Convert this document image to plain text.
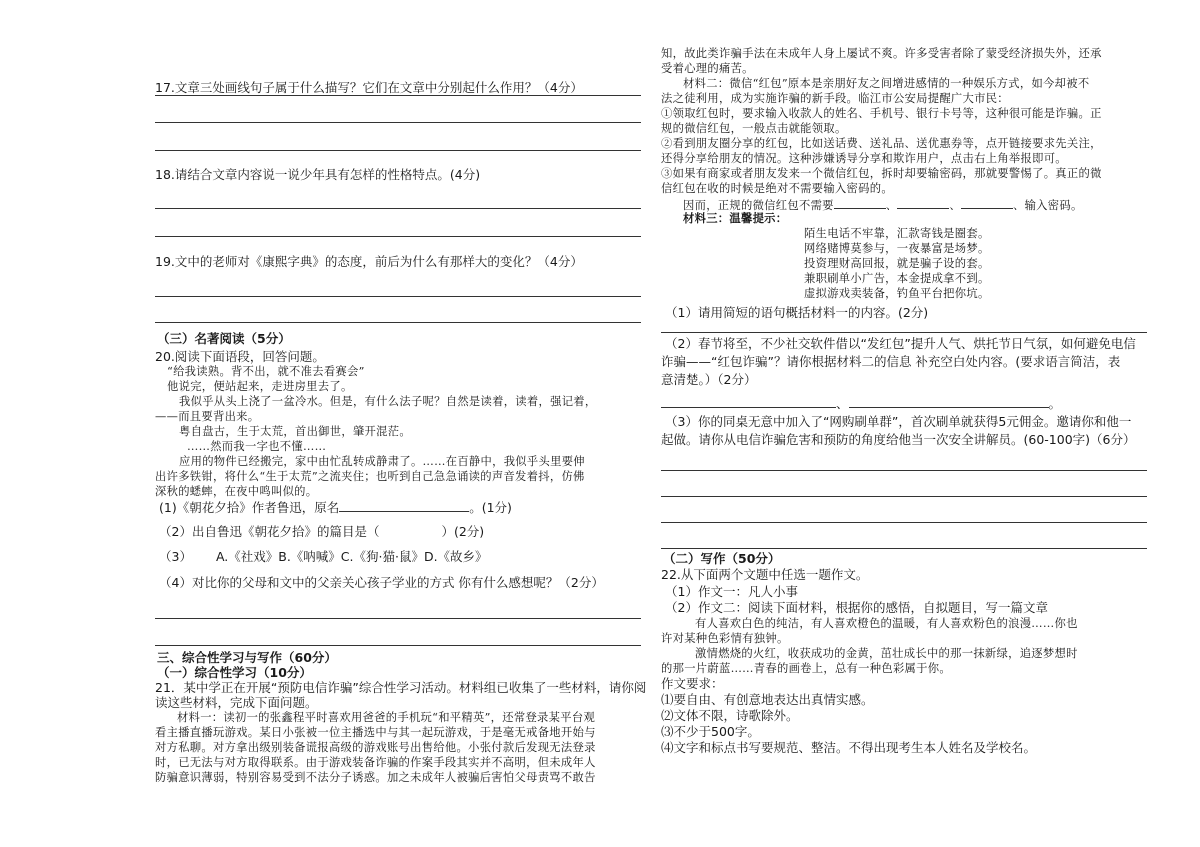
17.文章三处画线句子属于什么描写？它们在文章中分别起什么作用？（4分）
18.请结合文章内容说一说少年具有怎样的性格特点。(4分)
19.文中的老师对《康熙字典》的态度，前后为什么有那样大的变化？（4分）
（三）名著阅读（5分）
20.阅读下面语段，回答问题。
“给我读熟。背不出，就不准去看赛会”
他说完，便站起来，走进房里去了。
我似乎从头上浇了一盆冷水。但是，有什么法子呢？自然是读着，读着，强记着，
——而且要背出来。
粤自盘古，生于太荒，首出御世，肇开混茫。
……然而我一字也不懂……
应用的物件已经搬完，家中由忙乱转成静肃了。……在百静中，我似乎头里要伸
出许多铁钳，将什么“生于太荒”之流夹住；也听到自己急急诵读的声音发着抖，仿佛
深秋的蟋蟀，在夜中鸣叫似的。
(1)《朝花夕拾》作者鲁迅，原名	。(1分)
（2）出自鲁迅《朝花夕拾》的篇目是（	）(2分)
（3） A.《社戏》B.《呐喊》C.《狗·猫·鼠》D.《故乡》
（4）对比你的父母和文中的父亲关心孩子学业的方式 你有什么感想呢？（2分）
三、综合性学习与写作（60分）
（一）综合性学习（10分）
21．某中学正在开展“预防电信诈骗”综合性学习活动。材料组已收集了一些材料，请你阅
读这些材料，完成下面问题。
材料一：读初一的张鑫程平时喜欢用爸爸的手机玩“和平精英”，还常登录某平台观
看主播直播玩游戏。某日小张被一位主播选中与其一起玩游戏，于是毫无戒备地开始与
对方私聊。对方拿出级别装备谎报高级的游戏账号出售给他。小张付款后发现无法登录
时，已无法与对方取得联系。由于游戏装备诈骗的作案手段其实并不高明，但未成年人
防骗意识薄弱，特别容易受到不法分子诱惑。加之未成年人被骗后害怕父母责骂不敢告
知，故此类诈骗手法在未成年人身上屡试不爽。许多受害者除了蒙受经济损失外，还承
受着心理的痛苦。
材料二：微信“红包”原本是亲朋好友之间增进感情的一种娱乐方式，如今却被不
法之徒利用，成为实施诈骗的新手段。临江市公安局提醒广大市民：
①领取红包时，要求输入收款人的姓名、手机号、银行卡号等，这种很可能是诈骗。正
规的微信红包，一般点击就能领取。
②看到朋友圈分享的红包，比如送话费、送礼品、送优惠券等，点开链接要求先关注，
还得分享给朋友的情况。这种涉嫌诱导分享和欺诈用户，点击右上角举报即可。
③如果有商家或者朋友发来一个微信红包，拆时却要输密码，那就要警惕了。真正的微
信红包在收的时候是绝对不需要输入密码的。
因而，正规的微信红包不需要	、	、	、输入密码。
材料三：温馨提示：
陌生电话不牢靠，汇款寄钱是圈套。
网络赌博莫参与，一夜暴富是场梦。
投资理财高回报，就是骗子设的套。
兼职刷单小广告，本金提成拿不到。
虚拟游戏卖装备，钓鱼平台把你坑。
（1）请用简短的语句概括材料一的内容。(2分)
（2）春节将至，不少社交软件借以“发红包”提升人气、烘托节日气氛，如何避免电信
诈骗——“红包诈骗”？请你根据材料二的信息 补充空白处内容。(要求语言简洁，表
意清楚。）（2分）
、	。
（3）你的同桌无意中加入了“网购刷单群”，首次刷单就获得5元佣金。邀请你和他一
起做。请你从电信诈骗危害和预防的角度给他当一次安全讲解员。(60-100字)（6分）
（二）写作（50分）
22.从下面两个文题中任选一题作文。
（1）作文一：凡人小事
（2）作文二：阅读下面材料，根据你的感悟，自拟题目，写一篇文章
有人喜欢白色的纯洁，有人喜欢橙色的温暖，有人喜欢粉色的浪漫……你也
许对某种色彩情有独钟。
激情燃烧的火红，收获成功的金黄，茁壮成长中的那一抹新绿，追逐梦想时
的那一片蔚蓝……青春的画卷上，总有一种色彩属于你。
作文要求：
⑴要自由、有创意地表达出真情实感。
⑵文体不限，诗歌除外。
⑶不少于500字。
⑷文字和标点书写要规范、整洁。不得出现考生本人姓名及学校名。
